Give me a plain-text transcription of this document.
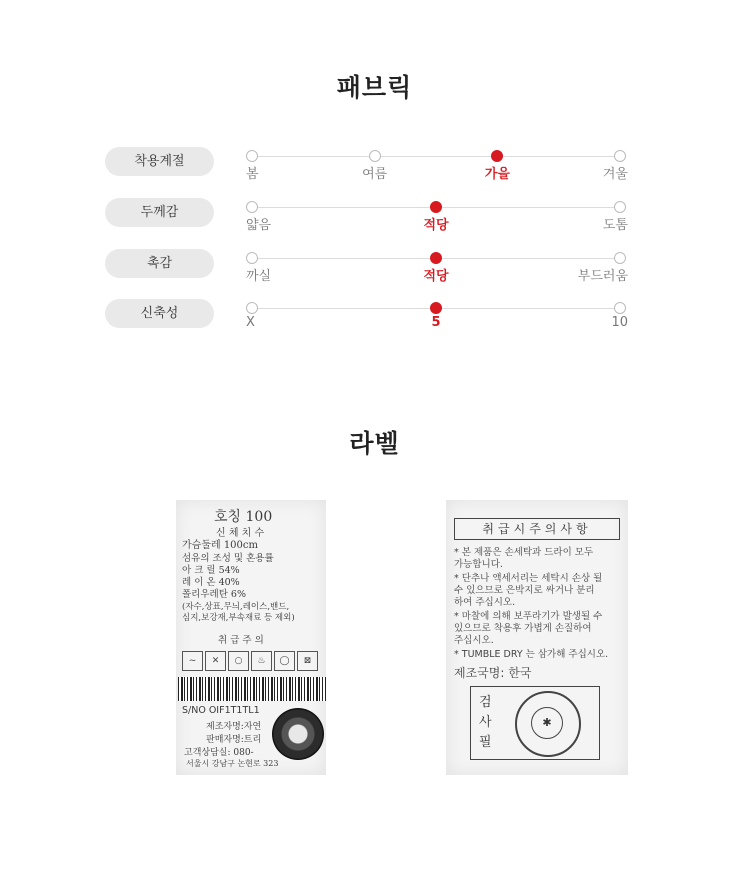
패브릭
착용계절
봄	여름	가을	겨울
두께감
얇음	적당	도톰
촉감
까실	적당	부드러움
신축성
X	5	10
라벨
호칭 100
신 체 치 수
가슴둘레 100cm
섬유의 조성 및 혼용률
아 크 릴 54%
레 이 온 40%
폴리우레탄 6%
(자수,상표,무늬,레이스,밴드,
심지,보강재,부속재료 등 제외)
취 급 주 의
~ ✕ ○ ♨ ◯ ⊠
S/NO OIF1T1TL1
제조자명:자연
판매자명:트리
고객상담실: 080-
서울시 강남구 논현로 323
취급시주의사항
* 본 제품은 손세탁과 드라이 모두
가능합니다.
* 단추나 액세서리는 세탁시 손상 될
수 있으므로 은박지로 싸거나 분리
하여 주십시오.
* 마찰에 의해 보푸라기가 발생될 수
있으므로 착용후 가볍게 손질하여
주십시오.
* TUMBLE DRY 는 삼가해 주십시오.
제조국명: 한국
검사필
✱
